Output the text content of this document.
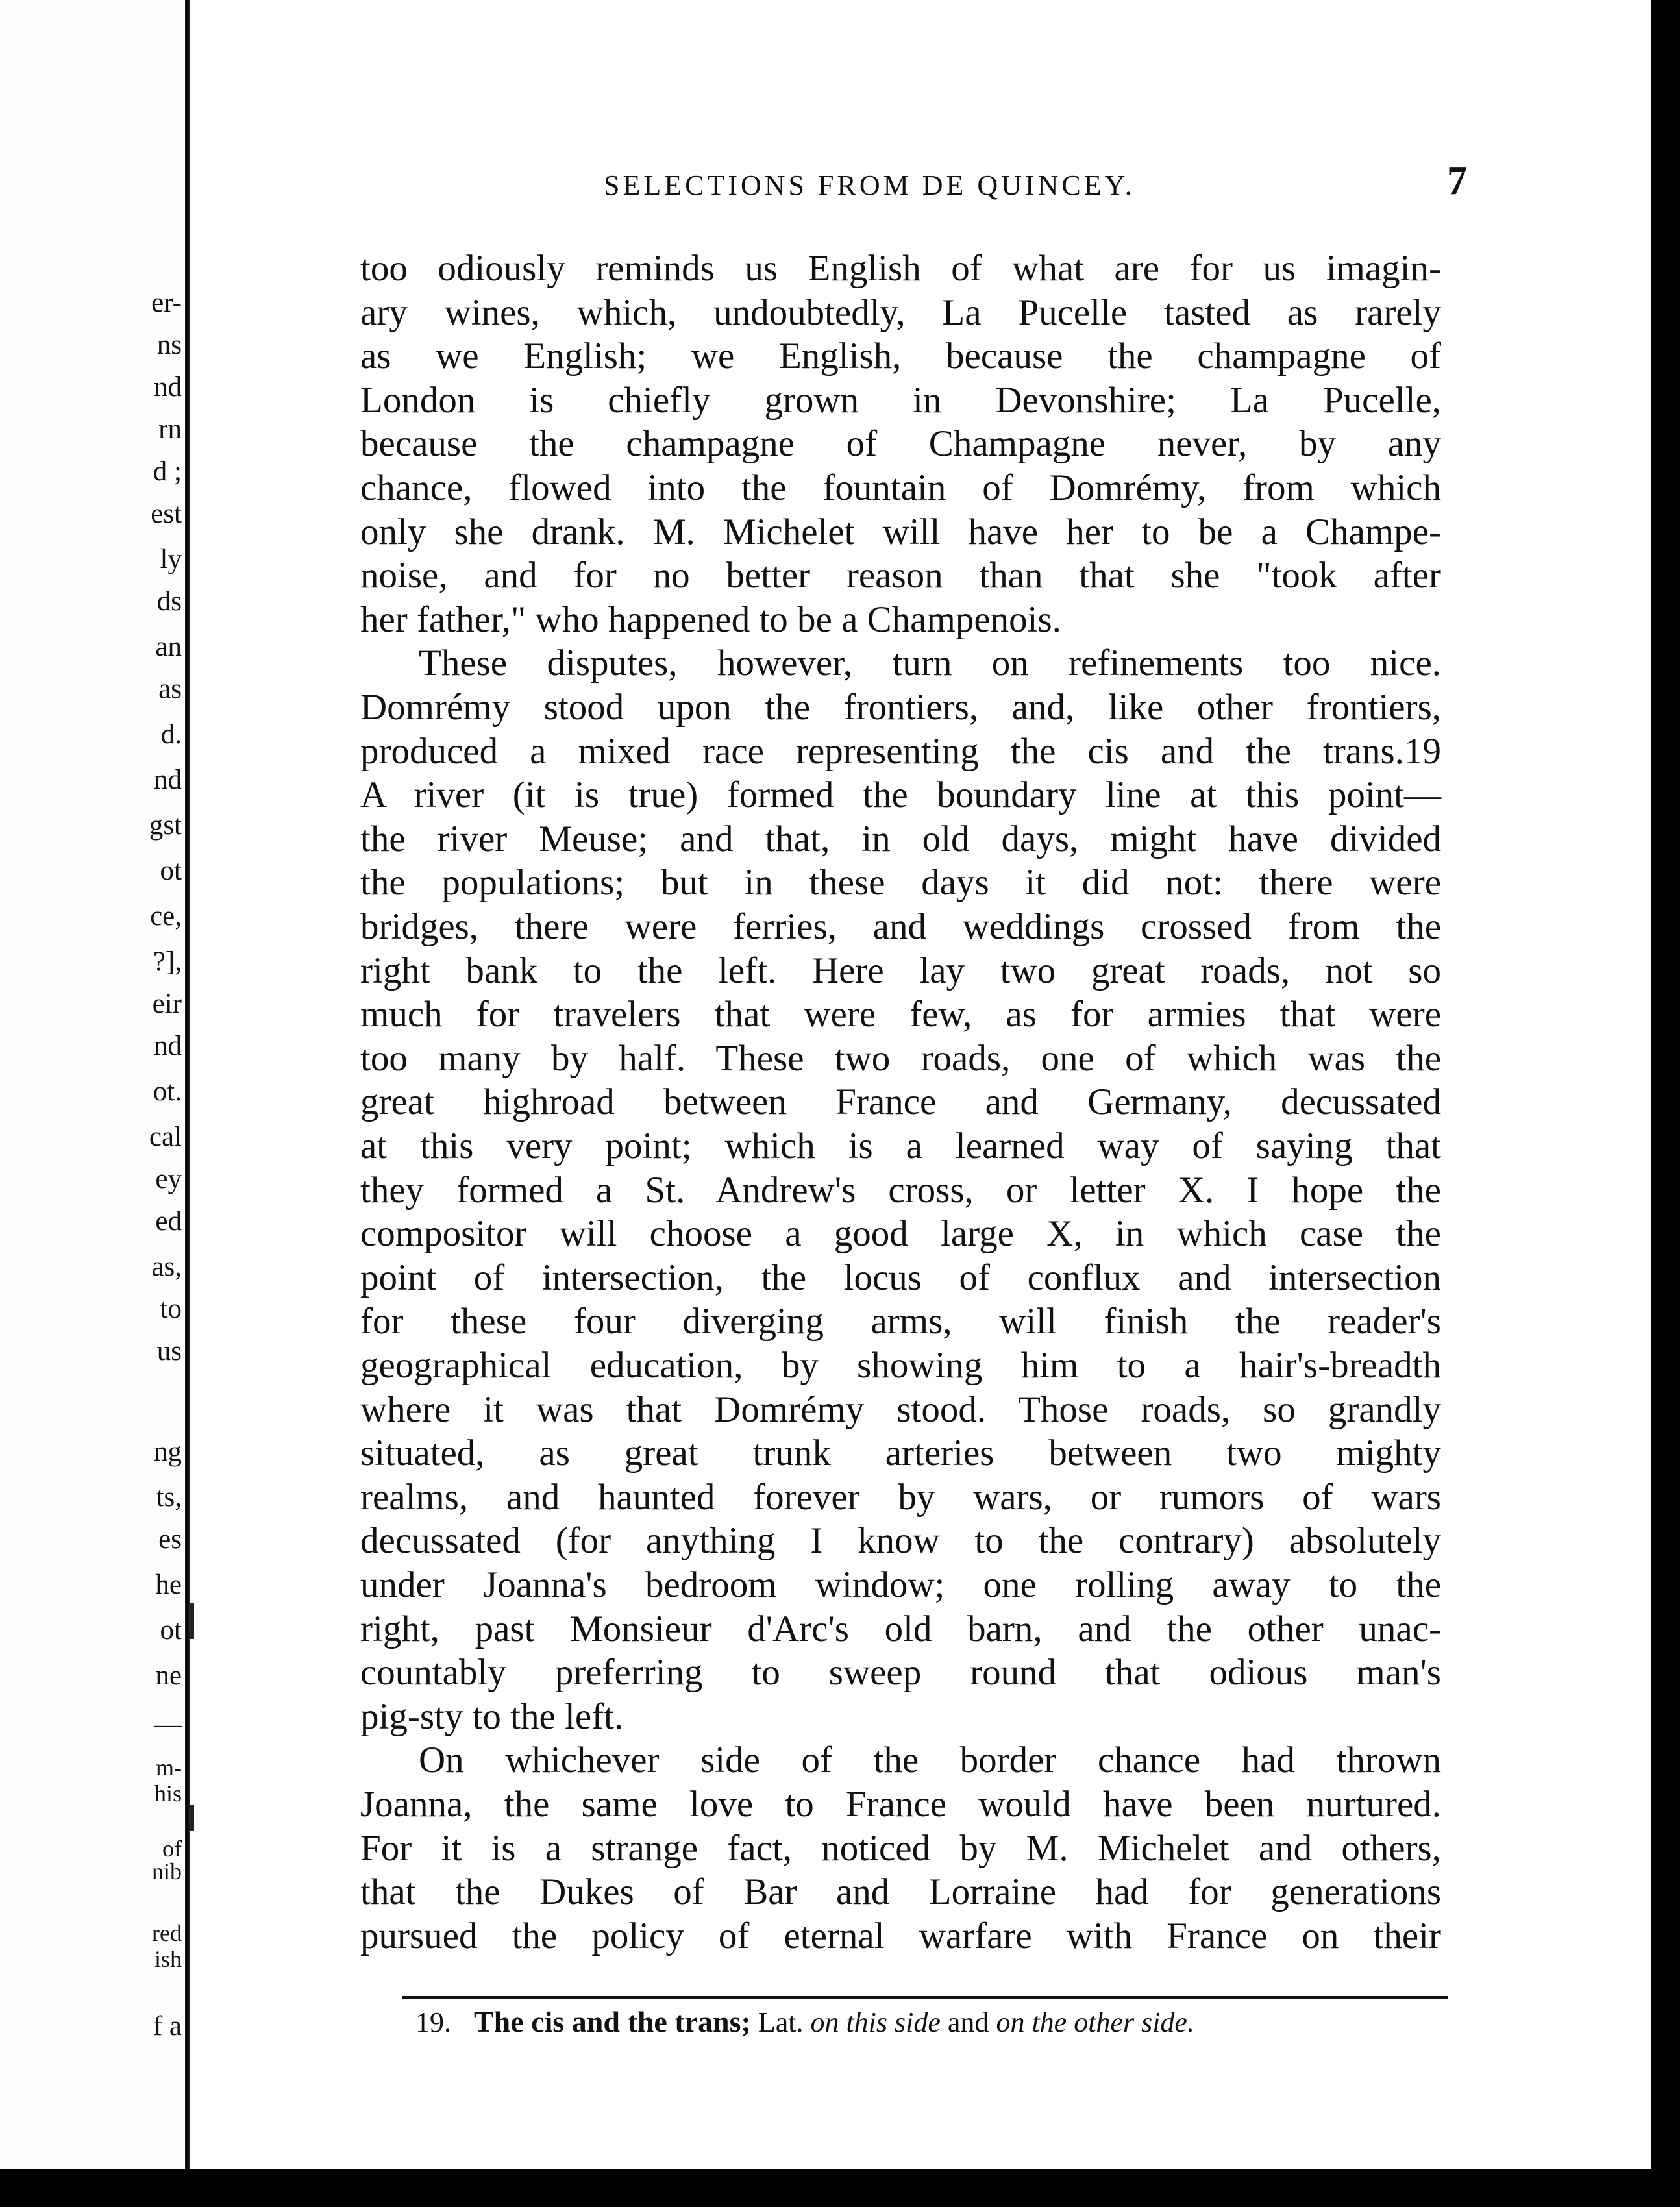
er-
ns
nd
rn
d ;
est
ly
ds
an
as
d.
nd
gst
ot
ce,
?],
eir
nd
ot.
cal
ey
ed
as,
to
us
ng
ts,
es
he
ot
ne
—
m-
his
of
nib
red
ish
f a
SELECTIONS FROM DE QUINCEY.	7
too odiously reminds us English of what are for us imagin-
ary wines, which, undoubtedly, La Pucelle tasted as rarely
as we English; we English, because the champagne of
London is chiefly grown in Devonshire; La Pucelle,
because the champagne of Champagne never, by any
chance, flowed into the fountain of Domrémy, from which
only she drank. M. Michelet will have her to be a Champe-
noise, and for no better reason than that she "took after
her father," who happened to be a Champenois.
These disputes, however, turn on refinements too nice.
Domrémy stood upon the frontiers, and, like other frontiers,
produced a mixed race representing the cis and the trans.19
A river (it is true) formed the boundary line at this point—
the river Meuse; and that, in old days, might have divided
the populations; but in these days it did not: there were
bridges, there were ferries, and weddings crossed from the
right bank to the left. Here lay two great roads, not so
much for travelers that were few, as for armies that were
too many by half. These two roads, one of which was the
great highroad between France and Germany, decussated
at this very point; which is a learned way of saying that
they formed a St. Andrew's cross, or letter X. I hope the
compositor will choose a good large X, in which case the
point of intersection, the locus of conflux and intersection
for these four diverging arms, will finish the reader's
geographical education, by showing him to a hair's-breadth
where it was that Domrémy stood. Those roads, so grandly
situated, as great trunk arteries between two mighty
realms, and haunted forever by wars, or rumors of wars
decussated (for anything I know to the contrary) absolutely
under Joanna's bedroom window; one rolling away to the
right, past Monsieur d'Arc's old barn, and the other unac-
countably preferring to sweep round that odious man's
pig-sty to the left.
On whichever side of the border chance had thrown
Joanna, the same love to France would have been nurtured.
For it is a strange fact, noticed by M. Michelet and others,
that the Dukes of Bar and Lorraine had for generations
pursued the policy of eternal warfare with France on their
19. The cis and the trans; Lat. on this side and on the other side.
